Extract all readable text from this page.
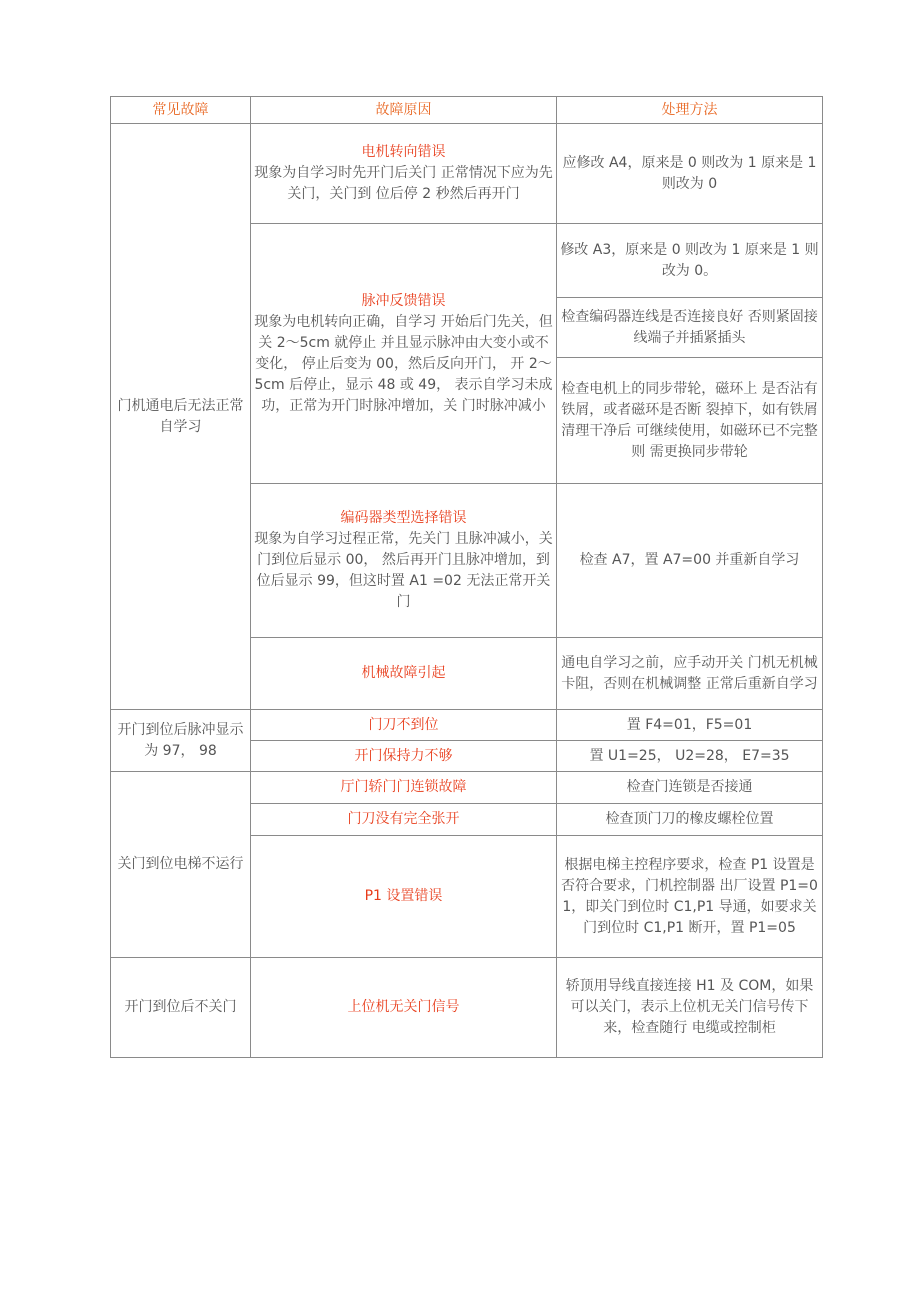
常见故障	故障原因	处理方法
门机通电后无法正常自学习	电机转向错误
现象为自学习时先开门后关门 正常情况下应为先关门，关门到 位后停 2 秒然后再开门	应修改 A4，原来是 0 则改为 1 原来是 1 则改为 0

	脉冲反馈错误
现象为电机转向正确，自学习 开始后门先关，但关 2～5cm 就停止 并且显示脉冲由大变小或不变化， 停止后变为 00，然后反向开门， 开 2～5cm 后停止，显示 48 或 49， 表示自学习未成功，正常为开门时脉冲增加，关 门时脉冲减小	修改 A3，原来是 0 则改为 1 原来是 1 则改为 0。
		检查编码器连线是否连接良好 否则紧固接线端子并插紧插头
		检查电机上的同步带轮，磁环上 是否沾有铁屑，或者磁环是否断 裂掉下，如有铁屑清理干净后 可继续使用，如磁环已不完整则 需更换同步带轮

	编码器类型选择错误
现象为自学习过程正常，先关门 且脉冲减小，关门到位后显示 00， 然后再开门且脉冲增加，到位后显示 99，但这时置 A1 =02 无法正常开关门	检查 A7，置 A7=00 并重新自学习
	机械故障引起	通电自学习之前，应手动开关 门机无机械卡阻，否则在机械调整 正常后重新自学习
开门到位后脉冲显示为 97， 98	门刀不到位	置 F4=01，F5=01
	开门保持力不够	置 U1=25， U2=28， E7=35
关门到位电梯不运行	厅门轿门门连锁故障	检查门连锁是否接通
	门刀没有完全张开	检查顶门刀的橡皮螺栓位置
	P1 设置错误	根据电梯主控程序要求，检查 P1 设置是否符合要求，门机控制器 出厂设置 P1=01，即关门到位时 C1,P1 导通，如要求关门到位时 C1,P1 断开，置 P1=05
开门到位后不关门	上位机无关门信号	轿顶用导线直接连接 H1 及 COM，如果可以关门，表示上位机无关门信号传下来，检查随行 电缆或控制柜
